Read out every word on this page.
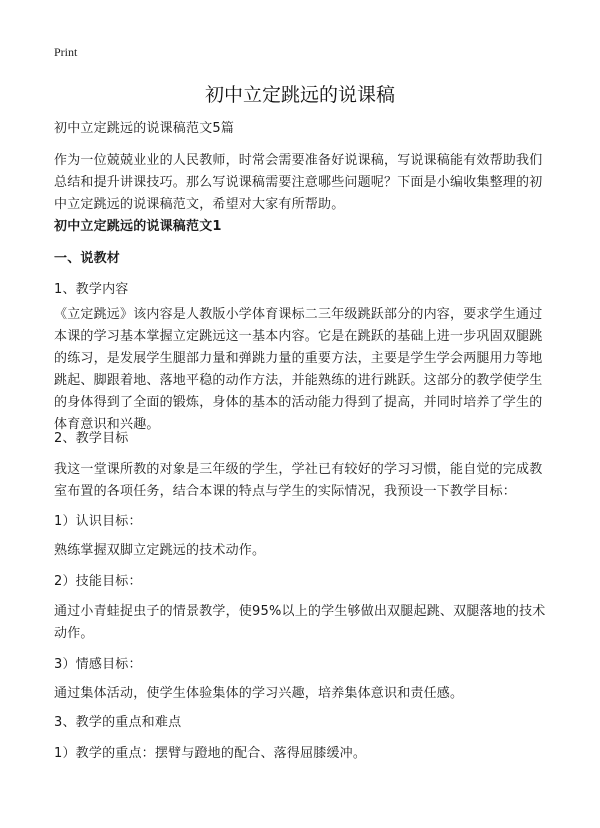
Print
初中立定跳远的说课稿

初中立定跳远的说课稿范文5篇

作为一位兢兢业业的人民教师，时常会需要准备好说课稿，写说课稿能有效帮助我们总结和提升讲课技巧。那么写说课稿需要注意哪些问题呢？下面是小编收集整理的初中立定跳远的说课稿范文，希望对大家有所帮助。

初中立定跳远的说课稿范文1

一、说教材

1、教学内容

《立定跳远》该内容是人教版小学体育课标二三年级跳跃部分的内容，要求学生通过本课的学习基本掌握立定跳远这一基本内容。它是在跳跃的基础上进一步巩固双腿跳的练习，是发展学生腿部力量和弹跳力量的重要方法，主要是学生学会两腿用力等地跳起、脚跟着地、落地平稳的动作方法，并能熟练的进行跳跃。这部分的教学使学生的身体得到了全面的锻炼，身体的基本的活动能力得到了提高，并同时培养了学生的体育意识和兴趣。

2、教学目标

我这一堂课所教的对象是三年级的学生，学社已有较好的学习习惯，能自觉的完成教室布置的各项任务，结合本课的特点与学生的实际情况，我预设一下教学目标：

1）认识目标：

熟练掌握双脚立定跳远的技术动作。

2）技能目标：

通过小青蛙捉虫子的情景教学，使95%以上的学生够做出双腿起跳、双腿落地的技术动作。

3）情感目标：

通过集体活动，使学生体验集体的学习兴趣，培养集体意识和责任感。

3、教学的重点和难点

1）教学的重点：摆臂与蹬地的配合、落得屈膝缓冲。
